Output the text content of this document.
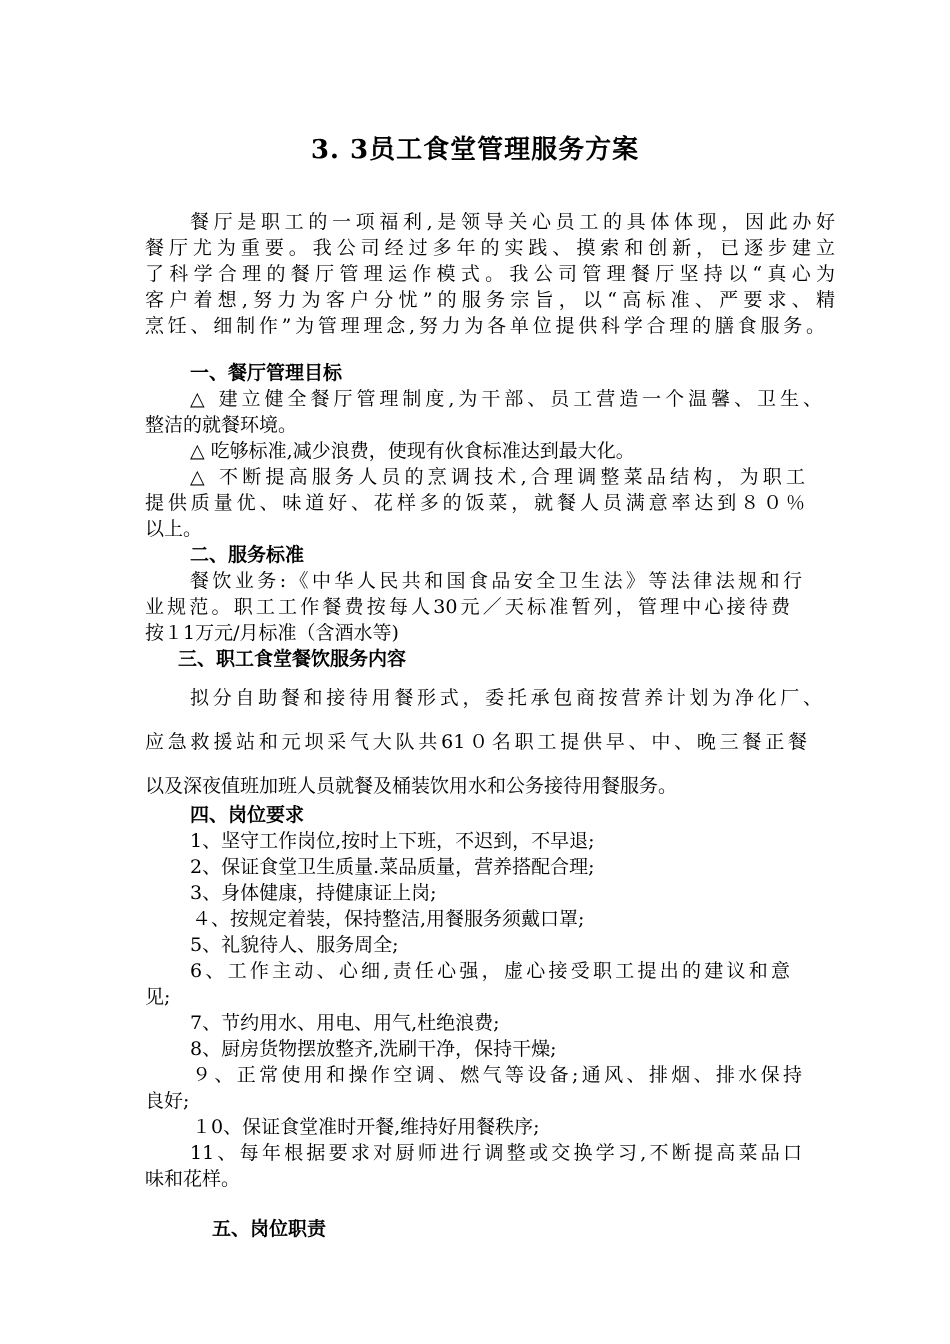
3. 3员工食堂管理服务方案
餐厅是职工的一项福利,是领导关心员工的具体体现，因此办好
餐厅尤为重要。我公司经过多年的实践、摸索和创新，已逐步建立
了科学合理的餐厅管理运作模式。我公司管理餐厅坚持以“真心为
客户着想,努力为客户分忧”的服务宗旨，以“高标准、严要求、精
烹饪、细制作”为管理理念,努力为各单位提供科学合理的膳食服务。
一、餐厅管理目标
△ 建立健全餐厅管理制度,为干部、员工营造一个温馨、卫生、
整洁的就餐环境。
△ 吃够标准,减少浪费，使现有伙食标准达到最大化。
△ 不断提高服务人员的烹调技术,合理调整菜品结构，为职工
提供质量优、味道好、花样多的饭菜，就餐人员满意率达到８０％
以上。
二、服务标准
餐饮业务:《中华人民共和国食品安全卫生法》等法律法规和行
业规范。职工工作餐费按每人30元／天标准暂列，管理中心接待费
按１1万元/月标准（含酒水等)
三、职工食堂餐饮服务内容
拟分自助餐和接待用餐形式，委托承包商按营养计划为净化厂、
应急救援站和元坝采气大队共61０名职工提供早、中、晚三餐正餐
以及深夜值班加班人员就餐及桶装饮用水和公务接待用餐服务。
四、岗位要求
1、坚守工作岗位,按时上下班，不迟到，不早退;
2、保证食堂卫生质量.菜品质量，营养搭配合理;
3、身体健康，持健康证上岗;
４、按规定着装，保持整洁,用餐服务须戴口罩;
5、礼貌待人、服务周全;
6、工作主动、心细,责任心强，虚心接受职工提出的建议和意
见;
7、节约用水、用电、用气,杜绝浪费;
8、厨房货物摆放整齐,洗刷干净，保持干燥;
９、正常使用和操作空调、燃气等设备;通风、排烟、排水保持
良好;
１0、保证食堂准时开餐,维持好用餐秩序;
11、每年根据要求对厨师进行调整或交换学习,不断提高菜品口
味和花样。
五、岗位职责
